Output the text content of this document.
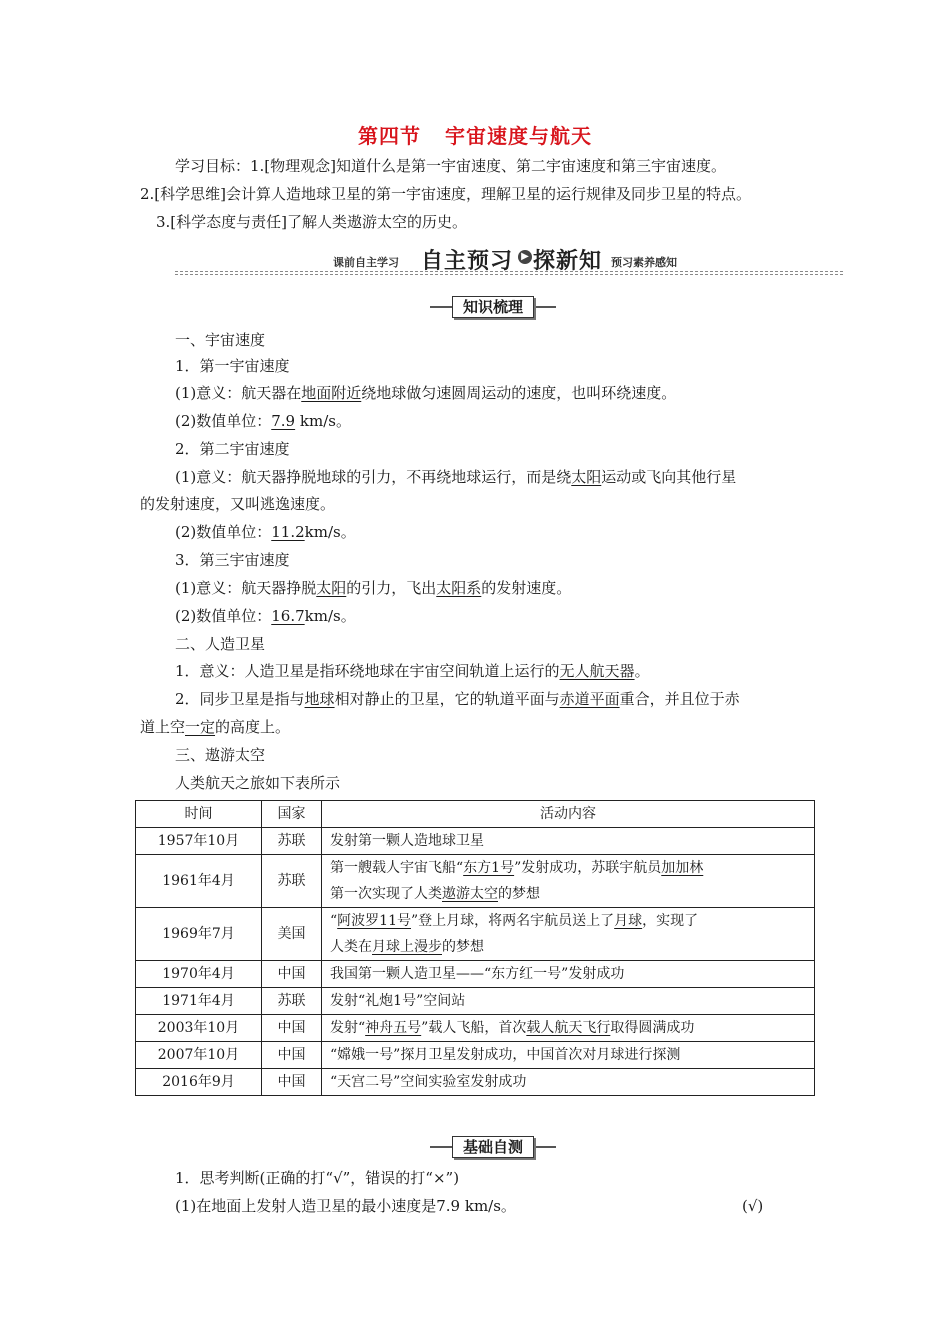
第四节 宇宙速度与航天
学习目标：1.[物理观念]知道什么是第一宇宙速度、第二宇宙速度和第三宇宙速度。
2.[科学思维]会计算人造地球卫星的第一宇宙速度，理解卫星的运行规律及同步卫星的特点。
3.[科学态度与责任]了解人类遨游太空的历史。
课前自主学习 自主预习 ▶ 探新知 预习素养感知
知识梳理
一、宇宙速度
1．第一宇宙速度
(1)意义：航天器在地面附近绕地球做匀速圆周运动的速度，也叫环绕速度。
(2)数值单位：7.9 km/s。
2．第二宇宙速度
(1)意义：航天器挣脱地球的引力，不再绕地球运行，而是绕太阳运动或飞向其他行星
的发射速度，又叫逃逸速度。
(2)数值单位：11.2km/s。
3．第三宇宙速度
(1)意义：航天器挣脱太阳的引力，飞出太阳系的发射速度。
(2)数值单位：16.7km/s。
二、人造卫星
1．意义：人造卫星是指环绕地球在宇宙空间轨道上运行的无人航天器。
2．同步卫星是指与地球相对静止的卫星，它的轨道平面与赤道平面重合，并且位于赤
道上空一定的高度上。
三、遨游太空
人类航天之旅如下表所示
时间	国家	活动内容
1957年10月	苏联	发射第一颗人造地球卫星
1961年4月	苏联	第一艘载人宇宙飞船“东方1号”发射成功，苏联宇航员加加林
第一次实现了人类遨游太空的梦想
1969年7月	美国	“阿波罗11号”登上月球，将两名宇航员送上了月球，实现了
人类在月球上漫步的梦想
1970年4月	中国	我国第一颗人造卫星——“东方红一号”发射成功
1971年4月	苏联	发射“礼炮1号”空间站
2003年10月	中国	发射“神舟五号”载人飞船，首次载人航天飞行取得圆满成功
2007年10月	中国	“嫦娥一号”探月卫星发射成功，中国首次对月球进行探测
2016年9月	中国	“天宫二号”空间实验室发射成功
基础自测
1．思考判断(正确的打“√”，错误的打“×”)
(1)在地面上发射人造卫星的最小速度是7.9 km/s。	(√)
